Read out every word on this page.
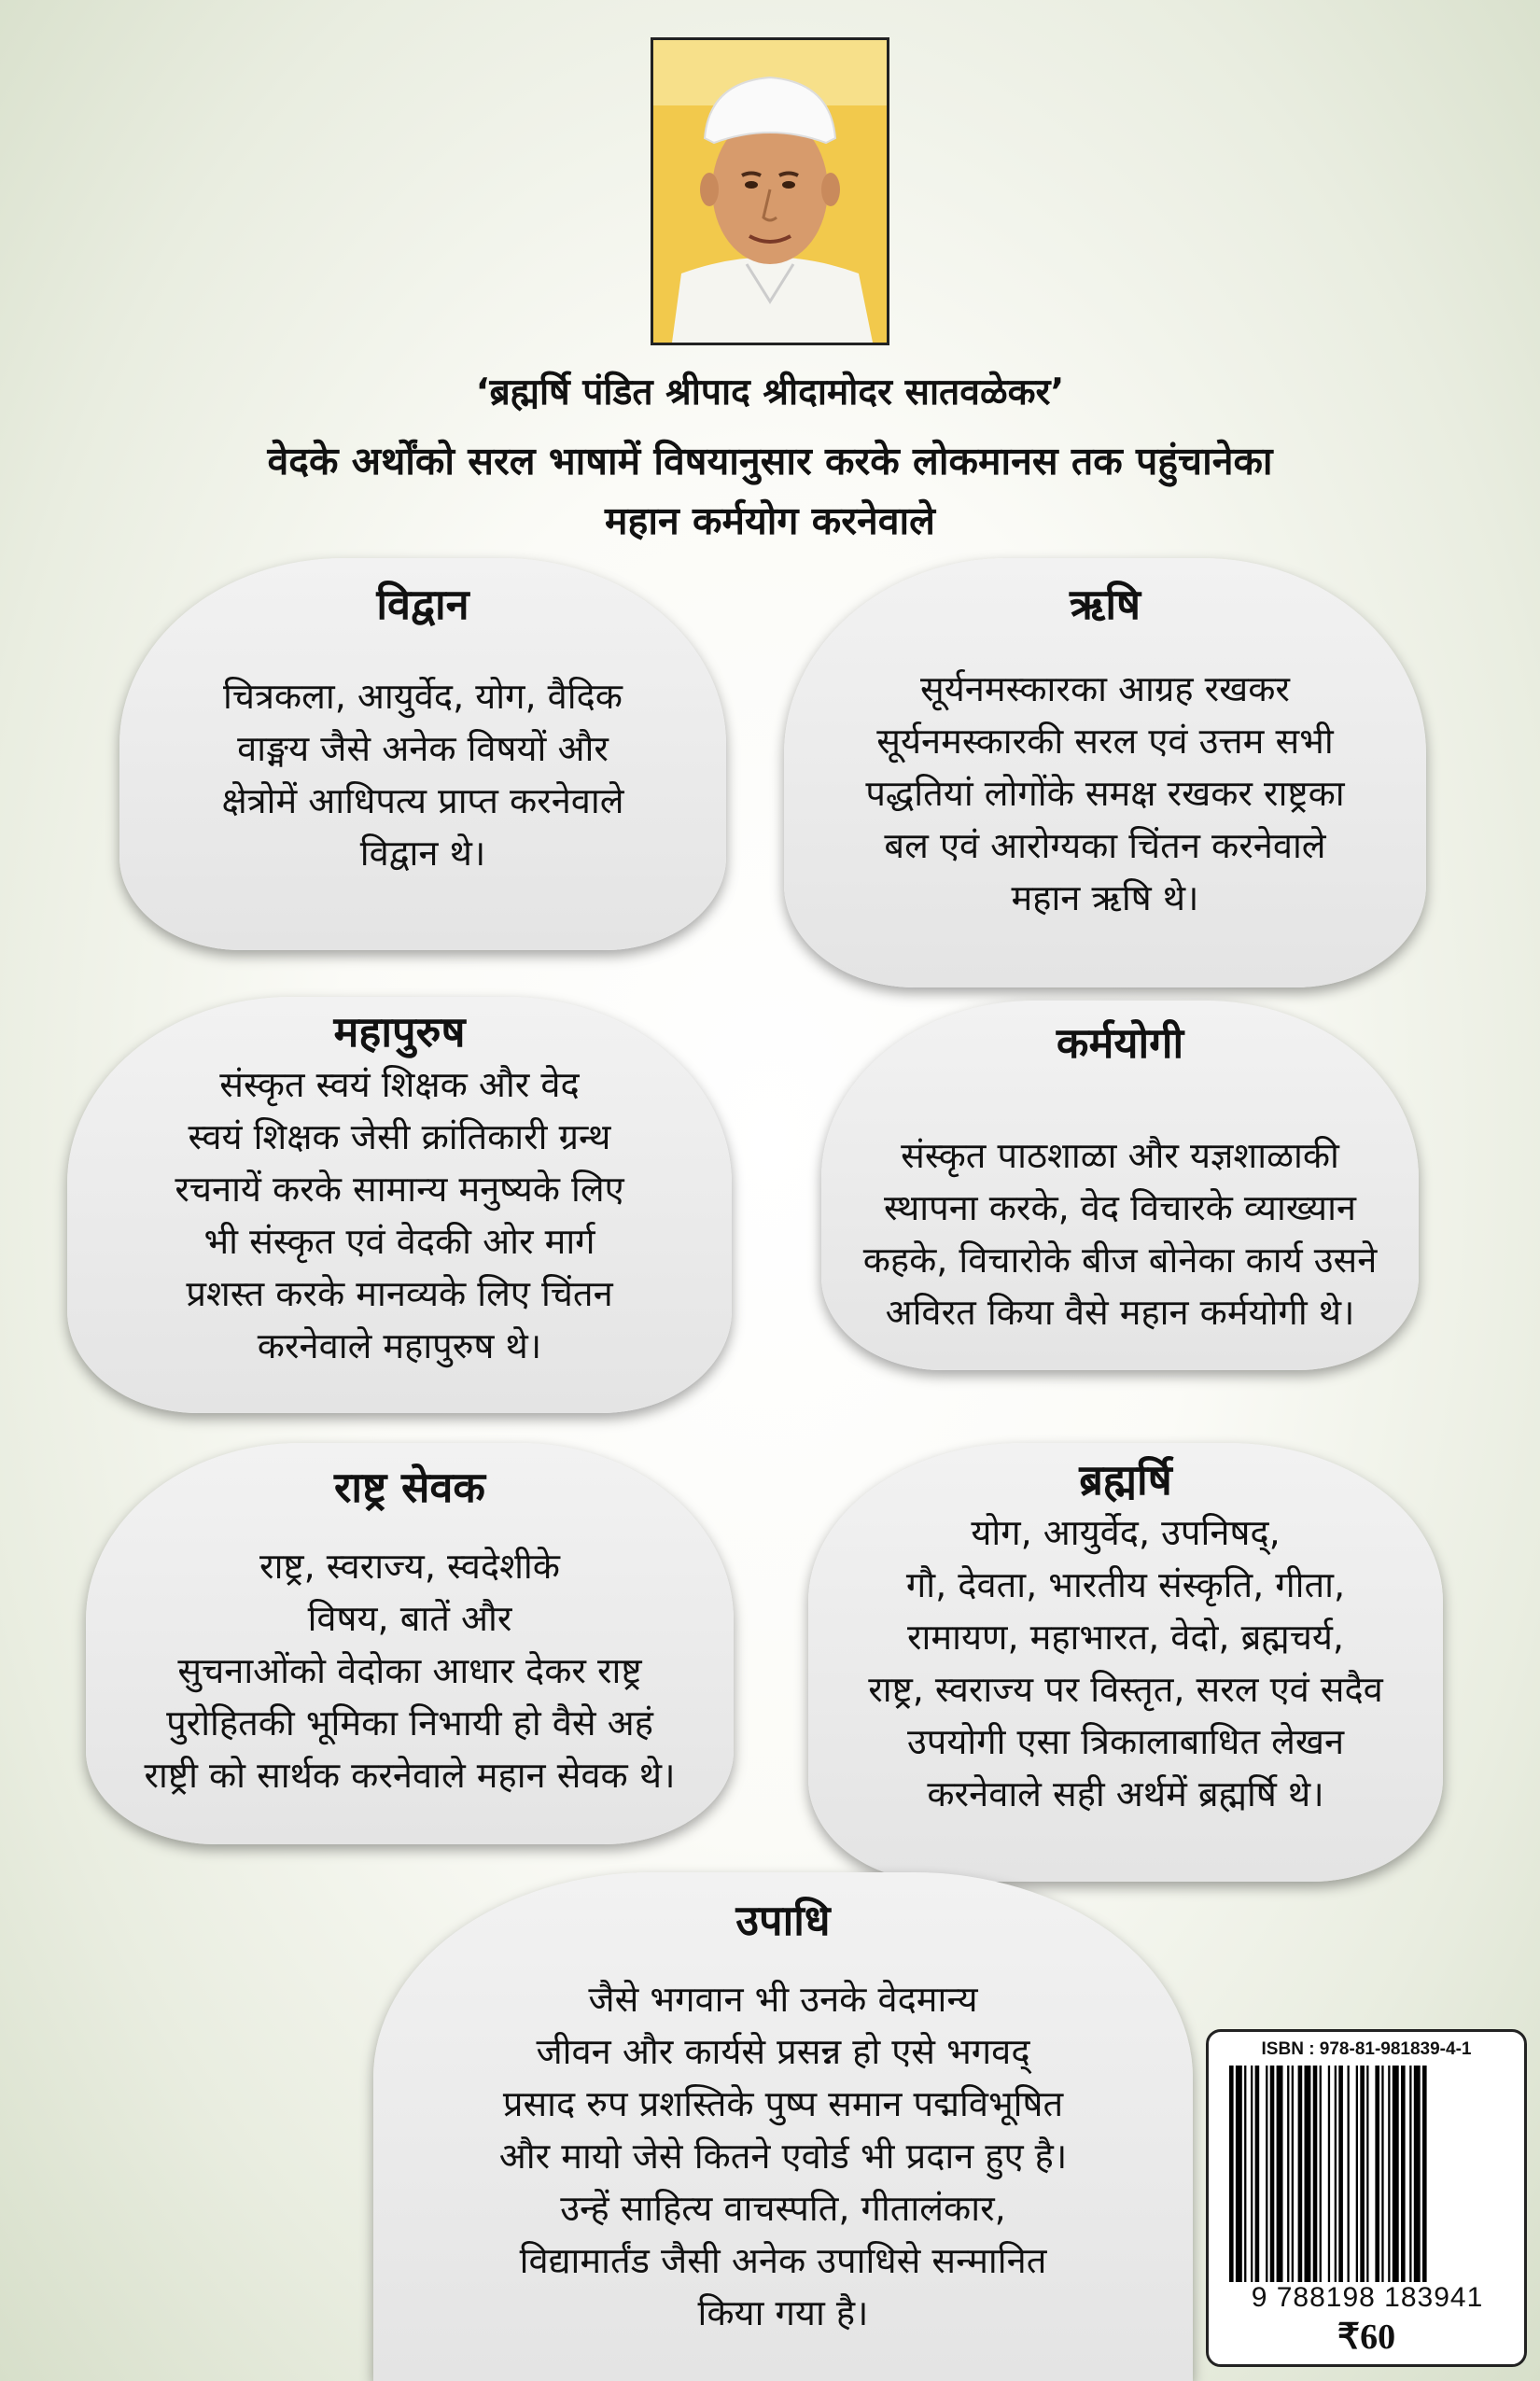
‘ब्रह्मर्षि पंडित श्रीपाद श्रीदामोदर सातवळेकर’
वेदके अर्थोंको सरल भाषामें विषयानुसार करके लोकमानस तक पहुंचानेका
महान कर्मयोग करनेवाले
विद्वान
चित्रकला, आयुर्वेद, योग, वैदिक
वाङ्मय जैसे अनेक विषयों और
क्षेत्रोमें आधिपत्य प्राप्त करनेवाले
विद्वान थे।
ऋषि
सूर्यनमस्कारका आग्रह रखकर
सूर्यनमस्कारकी सरल एवं उत्तम सभी
पद्धतियां लोगोंके समक्ष रखकर राष्ट्रका
बल एवं आरोग्यका चिंतन करनेवाले
महान ऋषि थे।
महापुरुष
संस्कृत स्वयं शिक्षक और वेद
स्वयं शिक्षक जेसी क्रांतिकारी ग्रन्थ
रचनायें करके सामान्य मनुष्यके लिए
भी संस्कृत एवं वेदकी ओर मार्ग
प्रशस्त करके मानव्यके लिए चिंतन
करनेवाले महापुरुष थे।
कर्मयोगी
संस्कृत पाठशाळा और यज्ञशाळाकी
स्थापना करके, वेद विचारके व्याख्यान
कहके, विचारोके बीज बोनेका कार्य उसने
अविरत किया वैसे महान कर्मयोगी थे।
राष्ट्र सेवक
राष्ट्र, स्वराज्य, स्वदेशीके
विषय, बातें और
सुचनाओंको वेदोका आधार देकर राष्ट्र
पुरोहितकी भूमिका निभायी हो वैसे अहं
राष्ट्री को सार्थक करनेवाले महान सेवक थे।
ब्रह्मर्षि
योग, आयुर्वेद, उपनिषद्,
गौ, देवता, भारतीय संस्कृति, गीता,
रामायण, महाभारत, वेदो, ब्रह्मचर्य,
राष्ट्र, स्वराज्य पर विस्तृत, सरल एवं सदैव
उपयोगी एसा त्रिकालाबाधित लेखन
करनेवाले सही अर्थमें ब्रह्मर्षि थे।
उपाधि
जैसे भगवान भी उनके वेदमान्य
जीवन और कार्यसे प्रसन्न हो एसे भगवद्
प्रसाद रुप प्रशस्तिके पुष्प समान पद्मविभूषित
और मायो जेसे कितने एवोर्ड भी प्रदान हुए है।
उन्हें साहित्य वाचस्पति, गीतालंकार,
विद्यामार्तंड जैसी अनेक उपाधिसे सन्मानित
किया गया है।
ISBN : 978-81-981839-4-1
9 788198 183941
₹60
